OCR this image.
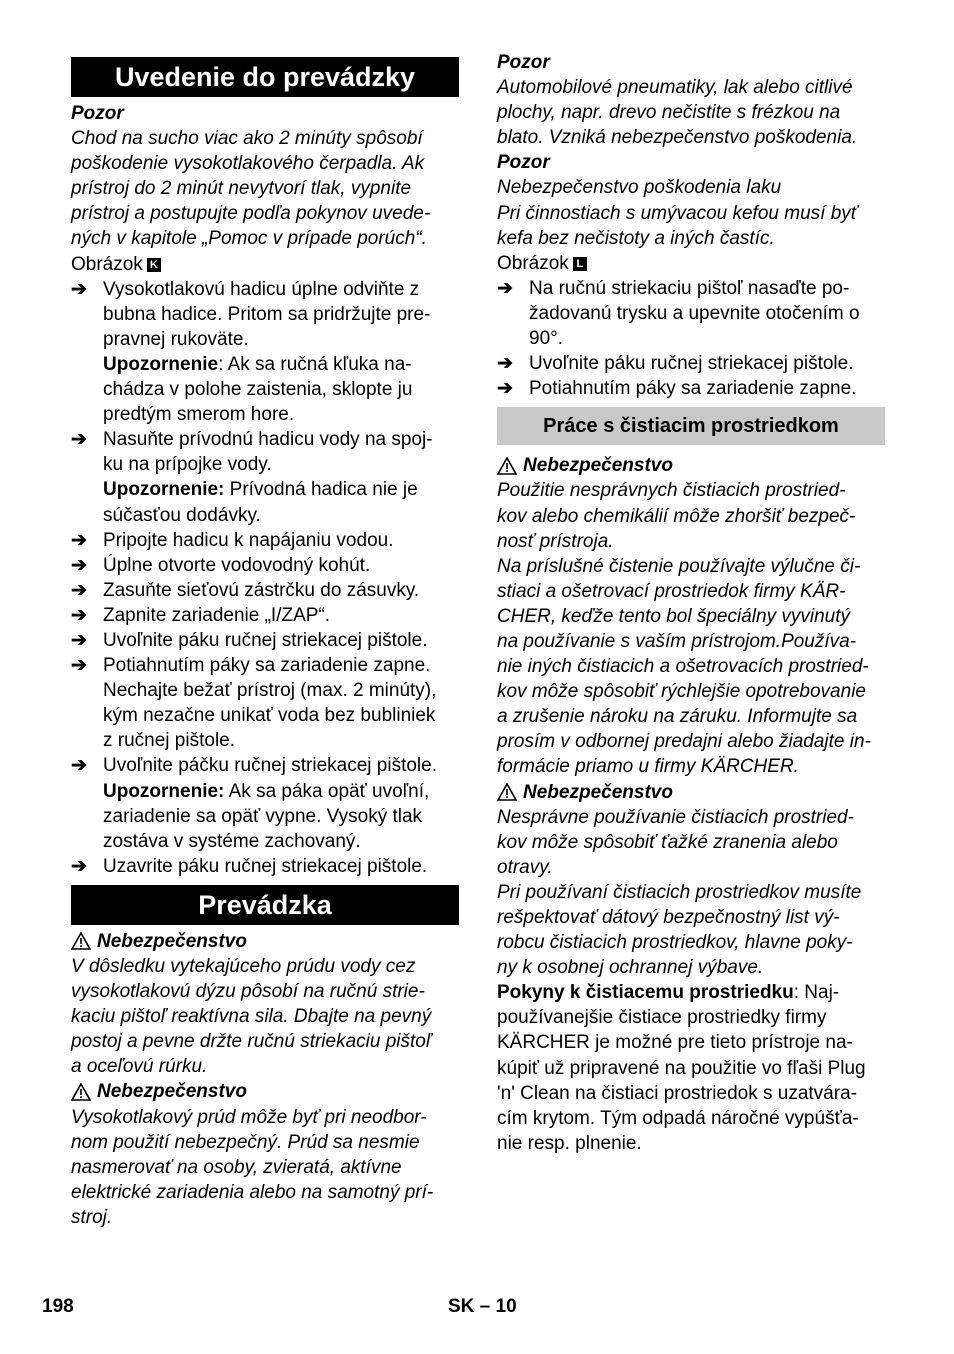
Uvedenie do prevádzky
Pozor
Chod na sucho viac ako 2 minúty spôsobí
poškodenie vysokotlakového čerpadla. Ak
prístroj do 2 minút nevytvorí tlak, vypnite
prístroj a postupujte podľa pokynov uvede-
ných v kapitole „Pomoc v prípade porúch“.
Obrázok K
➔ Vysokotlakovú hadicu úplne odviňte z
bubna hadice. Pritom sa pridržujte pre-
pravnej rukoväte.
Upozornenie: Ak sa ručná kľuka na-
chádza v polohe zaistenia, sklopte ju
predtým smerom hore.
➔ Nasuňte prívodnú hadicu vody na spoj-
ku na prípojke vody.
Upozornenie: Prívodná hadica nie je
súčasťou dodávky.
➔ Pripojte hadicu k napájaniu vodou.
➔ Úplne otvorte vodovodný kohút.
➔ Zasuňte sieťovú zástrčku do zásuvky.
➔ Zapnite zariadenie „I/ZAP“.
➔ Uvoľnite páku ručnej striekacej pištole.
➔ Potiahnutím páky sa zariadenie zapne.
Nechajte bežať prístroj (max. 2 minúty),
kým nezačne unikať voda bez bubliniek
z ručnej pištole.
➔ Uvoľnite páčku ručnej striekacej pištole.
Upozornenie: Ak sa páka opäť uvoľní,
zariadenie sa opäť vypne. Vysoký tlak
zostáva v systéme zachovaný.
➔ Uzavrite páku ručnej striekacej pištole.
Prevádzka
Nebezpečenstvo
V dôsledku vytekajúceho prúdu vody cez
vysokotlakovú dýzu pôsobí na ručnú strie-
kaciu pištoľ reaktívna sila. Dbajte na pevný
postoj a pevne držte ručnú striekaciu pištoľ
a oceľovú rúrku.
Nebezpečenstvo
Vysokotlakový prúd môže byť pri neodbor-
nom použití nebezpečný. Prúd sa nesmie
nasmerovať na osoby, zvieratá, aktívne
elektrické zariadenia alebo na samotný prí-
stroj.
Pozor
Automobilové pneumatiky, lak alebo citlivé
plochy, napr. drevo nečistite s frézkou na
blato. Vzniká nebezpečenstvo poškodenia.
Pozor
Nebezpečenstvo poškodenia laku
Pri činnostiach s umývacou kefou musí byť
kefa bez nečistoty a iných častíc.
Obrázok L
➔ Na ručnú striekaciu pištoľ nasaďte po-
žadovanú trysku a upevnite otočením o
90°.
➔ Uvoľnite páku ručnej striekacej pištole.
➔ Potiahnutím páky sa zariadenie zapne.
Práce s čistiacim prostriedkom
Nebezpečenstvo
Použitie nesprávnych čistiacich prostried-
kov alebo chemikálií môže zhoršiť bezpeč-
nosť prístroja.
Na príslušné čistenie používajte výlučne či-
stiaci a ošetrovací prostriedok firmy KÄR-
CHER, keďže tento bol špeciálny vyvinutý
na používanie s vaším prístrojom.Používa-
nie iných čistiacich a ošetrovacích prostried-
kov môže spôsobiť rýchlejšie opotrebovanie
a zrušenie nároku na záruku. Informujte sa
prosím v odbornej predajni alebo žiadajte in-
formácie priamo u firmy KÄRCHER.
Nebezpečenstvo
Nesprávne používanie čistiacich prostried-
kov môže spôsobiť ťažké zranenia alebo
otravy.
Pri používaní čistiacich prostriedkov musíte
rešpektovať dátový bezpečnostný list vý-
robcu čistiacich prostriedkov, hlavne poky-
ny k osobnej ochrannej výbave.
Pokyny k čistiacemu prostriedku: Naj-
používanejšie čistiace prostriedky firmy
KÄRCHER je možné pre tieto prístroje na-
kúpiť už pripravené na použitie vo fľaši Plug
'n' Clean na čistiaci prostriedok s uzatvára-
cím krytom. Tým odpadá náročné vypúšťa-
nie resp. plnenie.
198	SK – 10
